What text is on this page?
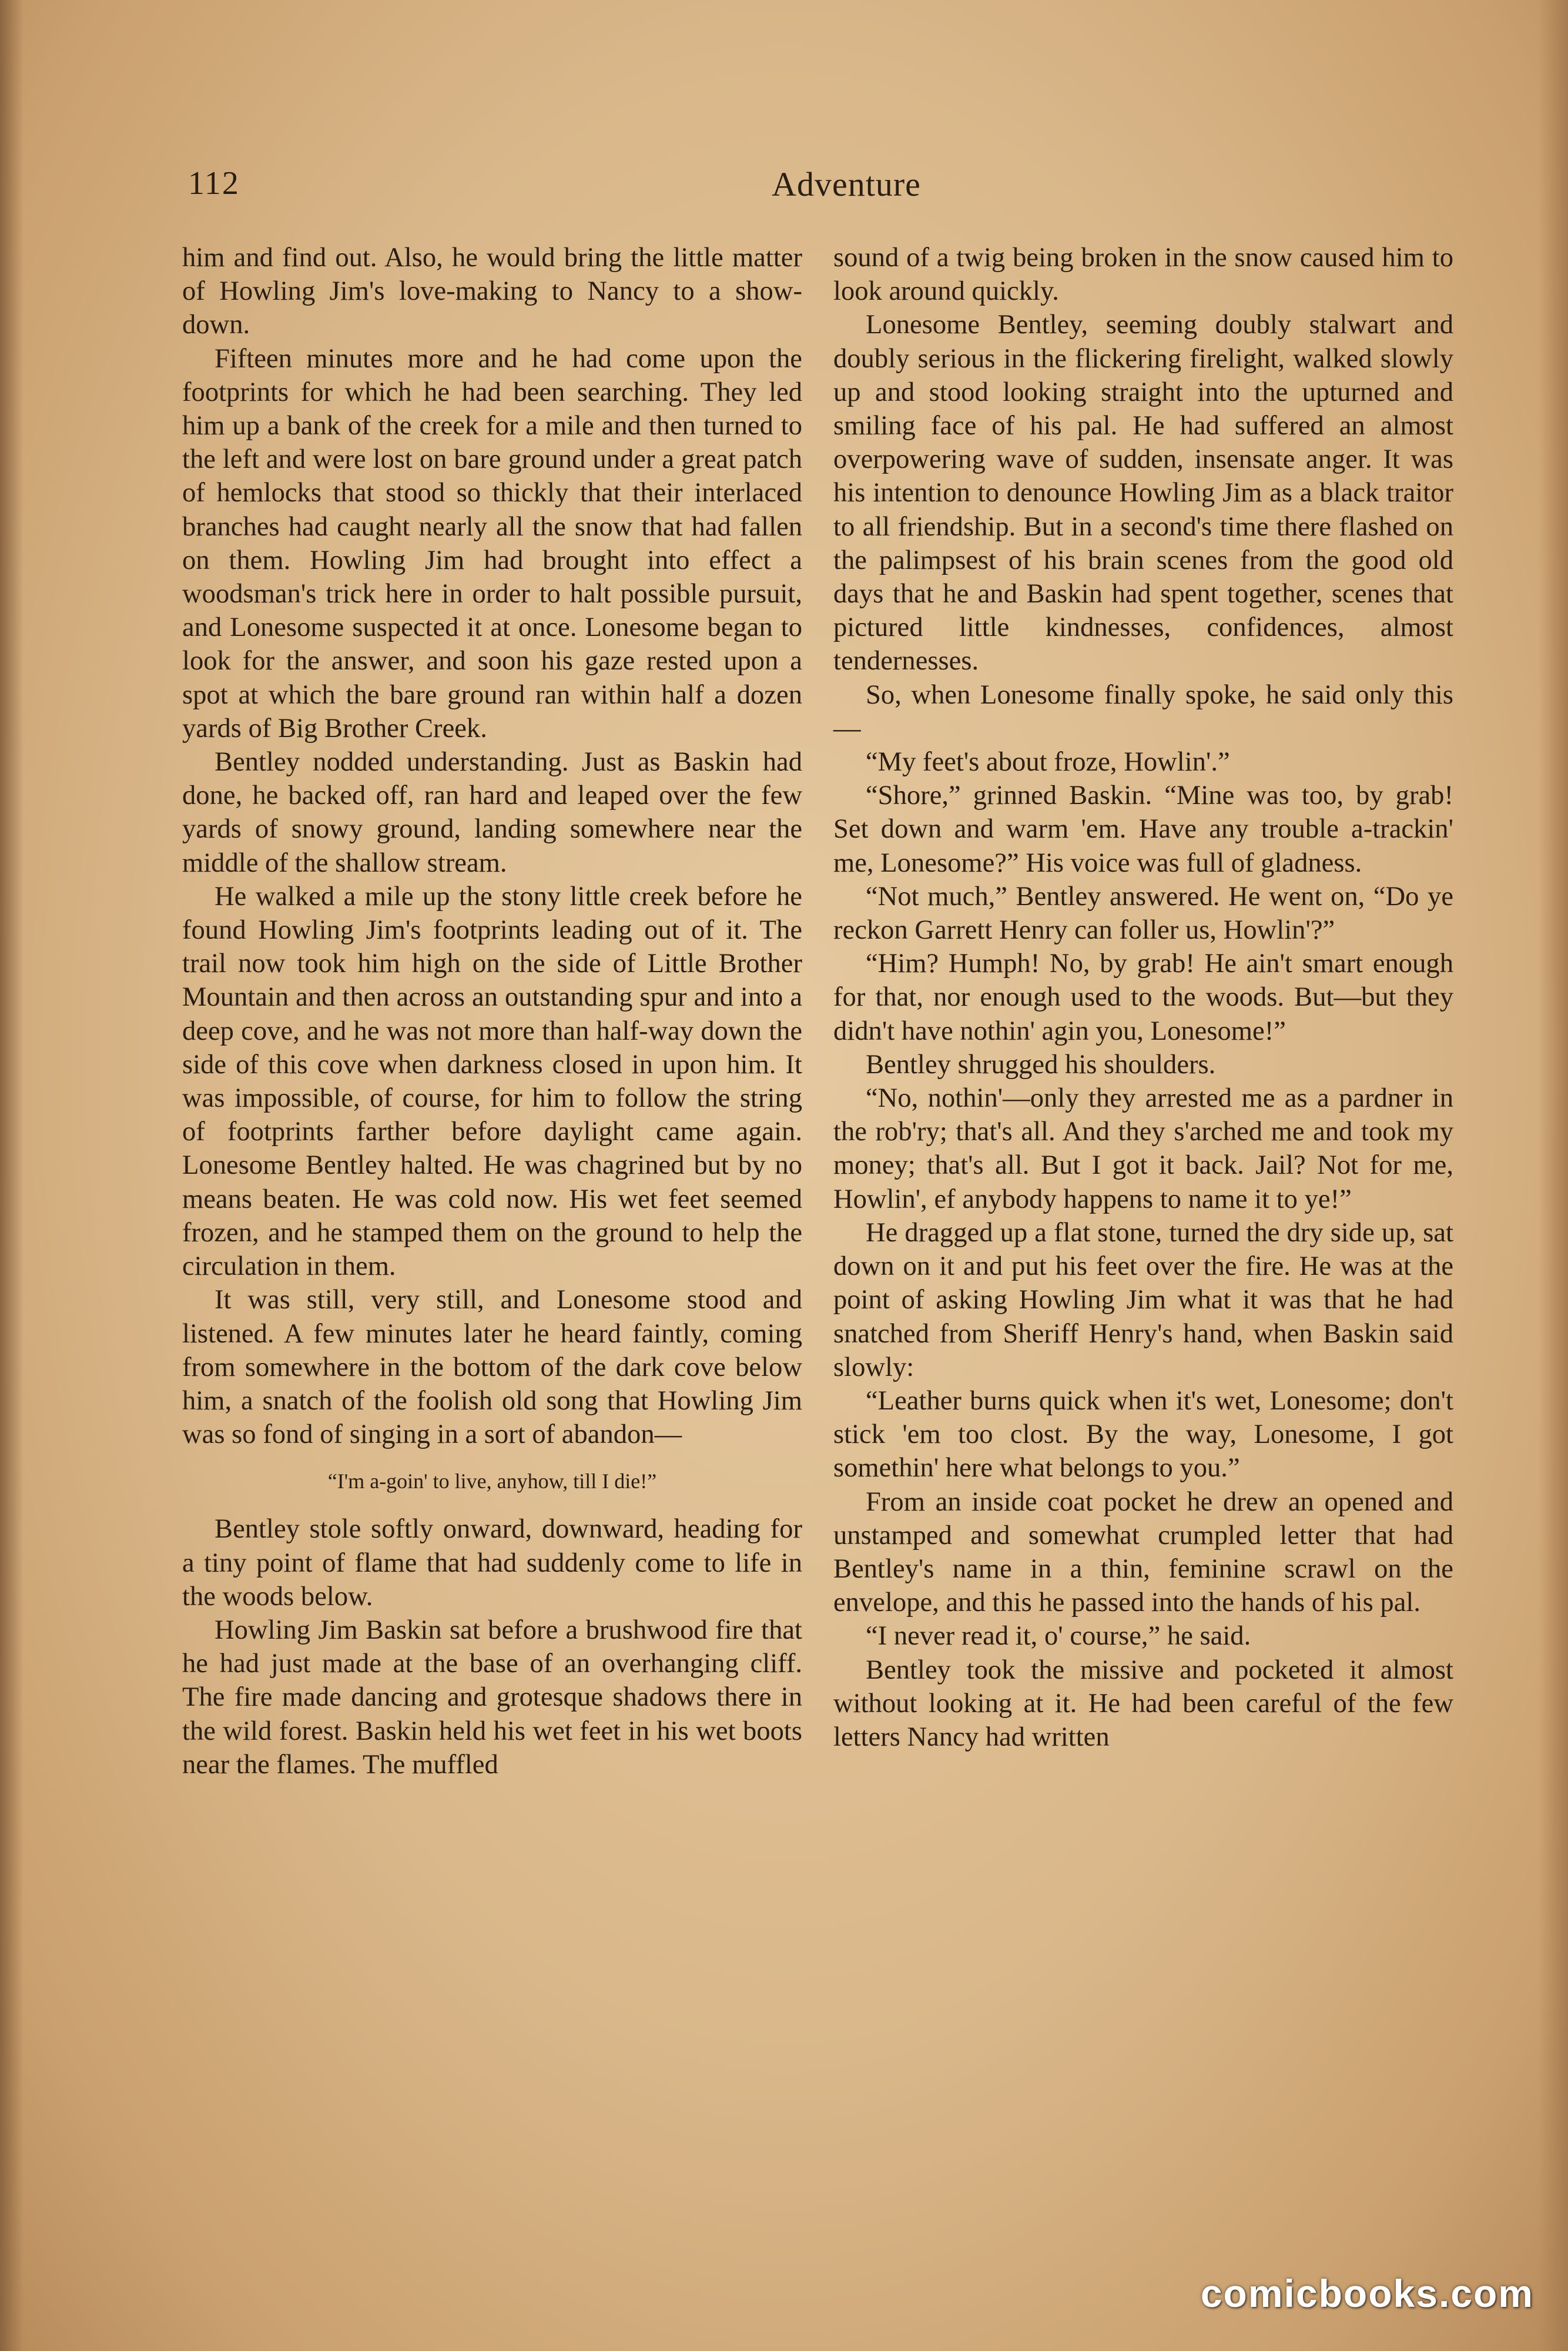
112	Adventure

him and find out. Also, he would bring the little matter of Howling Jim's love-making to Nancy to a show-down.

Fifteen minutes more and he had come upon the footprints for which he had been searching. They led him up a bank of the creek for a mile and then turned to the left and were lost on bare ground under a great patch of hemlocks that stood so thickly that their interlaced branches had caught nearly all the snow that had fallen on them. Howling Jim had brought into effect a woodsman's trick here in order to halt possible pursuit, and Lonesome suspected it at once. Lonesome began to look for the answer, and soon his gaze rested upon a spot at which the bare ground ran within half a dozen yards of Big Brother Creek.

Bentley nodded understanding. Just as Baskin had done, he backed off, ran hard and leaped over the few yards of snowy ground, landing somewhere near the middle of the shallow stream.

He walked a mile up the stony little creek before he found Howling Jim's footprints leading out of it. The trail now took him high on the side of Little Brother Mountain and then across an outstanding spur and into a deep cove, and he was not more than half-way down the side of this cove when darkness closed in upon him. It was impossible, of course, for him to follow the string of footprints farther before daylight came again. Lonesome Bentley halted. He was chagrined but by no means beaten. He was cold now. His wet feet seemed frozen, and he stamped them on the ground to help the circulation in them.

It was still, very still, and Lonesome stood and listened. A few minutes later he heard faintly, coming from somewhere in the bottom of the dark cove below him, a snatch of the foolish old song that Howling Jim was so fond of singing in a sort of abandon—

“I'm a-goin' to live, anyhow, till I die!”

Bentley stole softly onward, downward, heading for a tiny point of flame that had suddenly come to life in the woods below.

Howling Jim Baskin sat before a brushwood fire that he had just made at the base of an overhanging cliff. The fire made dancing and grotesque shadows there in the wild forest. Baskin held his wet feet in his wet boots near the flames. The muffled

sound of a twig being broken in the snow caused him to look around quickly.

Lonesome Bentley, seeming doubly stalwart and doubly serious in the flickering firelight, walked slowly up and stood looking straight into the upturned and smiling face of his pal. He had suffered an almost overpowering wave of sudden, insensate anger. It was his intention to denounce Howling Jim as a black traitor to all friendship. But in a second's time there flashed on the palimpsest of his brain scenes from the good old days that he and Baskin had spent together, scenes that pictured little kindnesses, confidences, almost tendernesses.

So, when Lonesome finally spoke, he said only this—

“My feet's about froze, Howlin'.”

“Shore,” grinned Baskin. “Mine was too, by grab! Set down and warm 'em. Have any trouble a-trackin' me, Lonesome?” His voice was full of gladness.

“Not much,” Bentley answered. He went on, “Do ye reckon Garrett Henry can foller us, Howlin'?”

“Him? Humph! No, by grab! He ain't smart enough for that, nor enough used to the woods. But—but they didn't have nothin' agin you, Lonesome!”

Bentley shrugged his shoulders.

“No, nothin'—only they arrested me as a pardner in the rob'ry; that's all. And they s'arched me and took my money; that's all. But I got it back. Jail? Not for me, Howlin', ef anybody happens to name it to ye!”

He dragged up a flat stone, turned the dry side up, sat down on it and put his feet over the fire. He was at the point of asking Howling Jim what it was that he had snatched from Sheriff Henry's hand, when Baskin said slowly:

“Leather burns quick when it's wet, Lonesome; don't stick 'em too clost. By the way, Lonesome, I got somethin' here what belongs to you.”

From an inside coat pocket he drew an opened and unstamped and somewhat crumpled letter that had Bentley's name in a thin, feminine scrawl on the envelope, and this he passed into the hands of his pal.

“I never read it, o' course,” he said.

Bentley took the missive and pocketed it almost without looking at it. He had been careful of the few letters Nancy had written

comicbooks.com
